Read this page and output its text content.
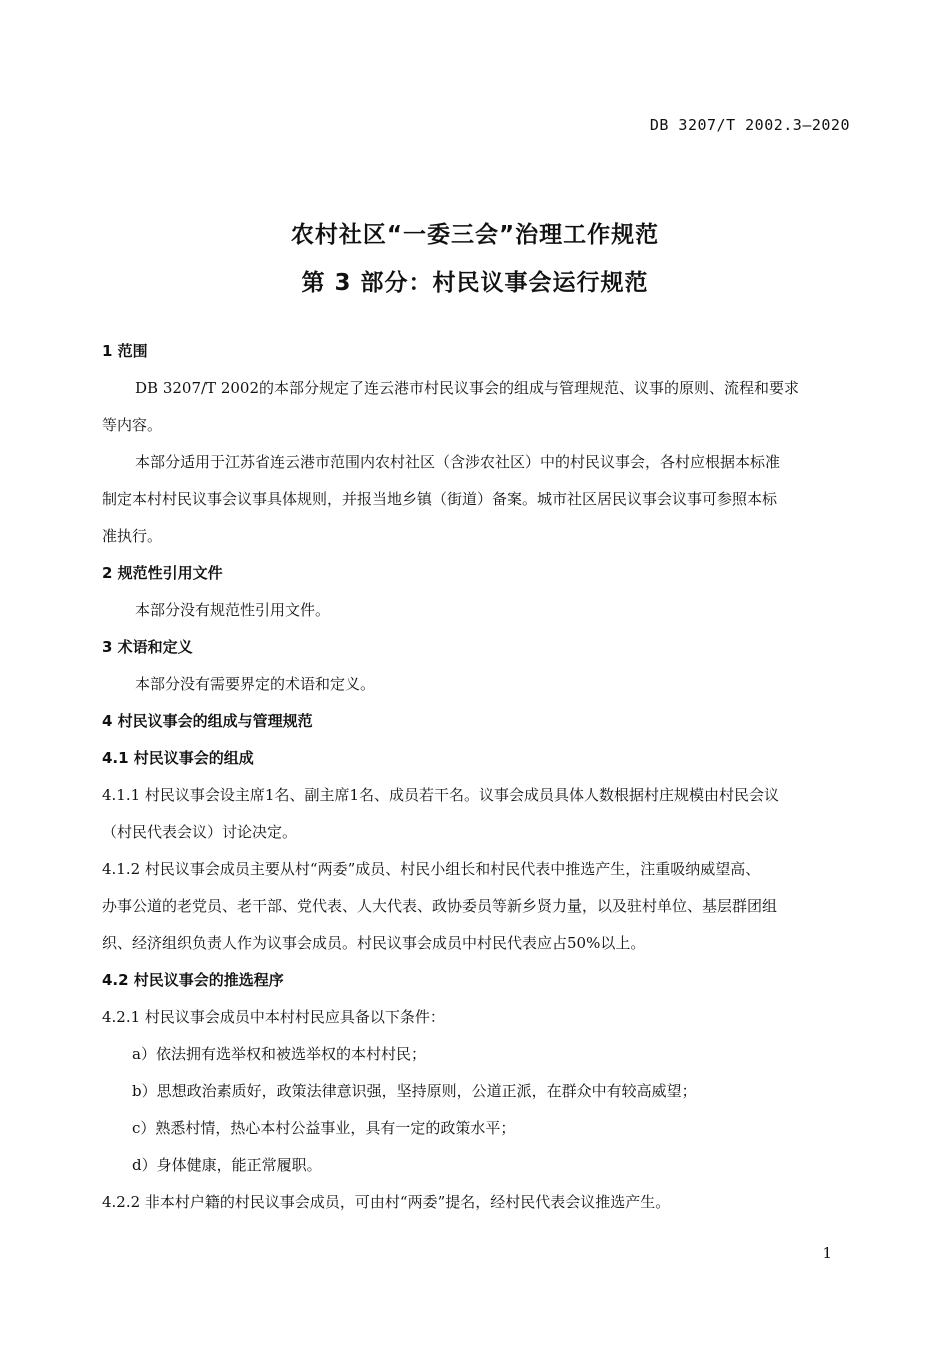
DB 3207/T 2002.3—2020
农村社区“一委三会”治理工作规范
第 3 部分：村民议事会运行规范
1 范围
DB 3207/T 2002的本部分规定了连云港市村民议事会的组成与管理规范、议事的原则、流程和要求
等内容。
本部分适用于江苏省连云港市范围内农村社区（含涉农社区）中的村民议事会，各村应根据本标准
制定本村村民议事会议事具体规则，并报当地乡镇（街道）备案。城市社区居民议事会议事可参照本标
准执行。
2 规范性引用文件
本部分没有规范性引用文件。
3 术语和定义
本部分没有需要界定的术语和定义。
4 村民议事会的组成与管理规范
4.1 村民议事会的组成
4.1.1 村民议事会设主席1名、副主席1名、成员若干名。议事会成员具体人数根据村庄规模由村民会议
（村民代表会议）讨论决定。
4.1.2 村民议事会成员主要从村“两委”成员、村民小组长和村民代表中推选产生，注重吸纳威望高、
办事公道的老党员、老干部、党代表、人大代表、政协委员等新乡贤力量，以及驻村单位、基层群团组
织、经济组织负责人作为议事会成员。村民议事会成员中村民代表应占50%以上。
4.2 村民议事会的推选程序
4.2.1 村民议事会成员中本村村民应具备以下条件：
a）依法拥有选举权和被选举权的本村村民；
b）思想政治素质好，政策法律意识强，坚持原则，公道正派，在群众中有较高威望；
c）熟悉村情，热心本村公益事业，具有一定的政策水平；
d）身体健康，能正常履职。
4.2.2 非本村户籍的村民议事会成员，可由村“两委”提名，经村民代表会议推选产生。
1
